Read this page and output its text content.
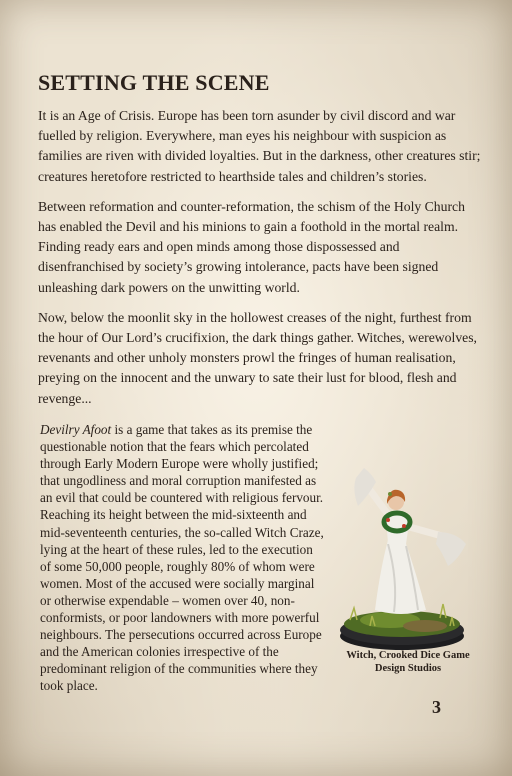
SETTING THE SCENE

It is an Age of Crisis. Europe has been torn asunder by civil discord and war fuelled by religion. Everywhere, man eyes his neighbour with suspicion as families are riven with divided loyalties. But in the darkness, other creatures stir; creatures heretofore restricted to hearthside tales and children’s stories.

Between reformation and counter-reformation, the schism of the Holy Church has enabled the Devil and his minions to gain a foothold in the mortal realm. Finding ready ears and open minds among those dispossessed and disenfranchised by society’s growing intolerance, pacts have been signed unleashing dark powers on the unwitting world.

Now, below the moonlit sky in the hollowest creases of the night, furthest from the hour of Our Lord’s crucifixion, the dark things gather. Witches, werewolves, revenants and other unholy monsters prowl the fringes of human realisation, preying on the innocent and the unwary to sate their lust for blood, flesh and revenge...

Devilry Afoot is a game that takes as its premise the questionable notion that the fears which percolated through Early Modern Europe were wholly justified; that ungodliness and moral corruption manifested as an evil that could be countered with religious fervour. Reaching its height between the mid-sixteenth and mid-seventeenth centuries, the so-called Witch Craze, lying at the heart of these rules, led to the execution of some 50,000 people, roughly 80% of whom were women. Most of the accused were socially marginal or otherwise expendable – women over 40, non-conformists, or poor landowners with more powerful neighbours. The persecutions occurred across Europe and the American colonies irrespective of the predominant religion of the communities where they took place.

Witch, Crooked Dice Game
Design Studios
3
